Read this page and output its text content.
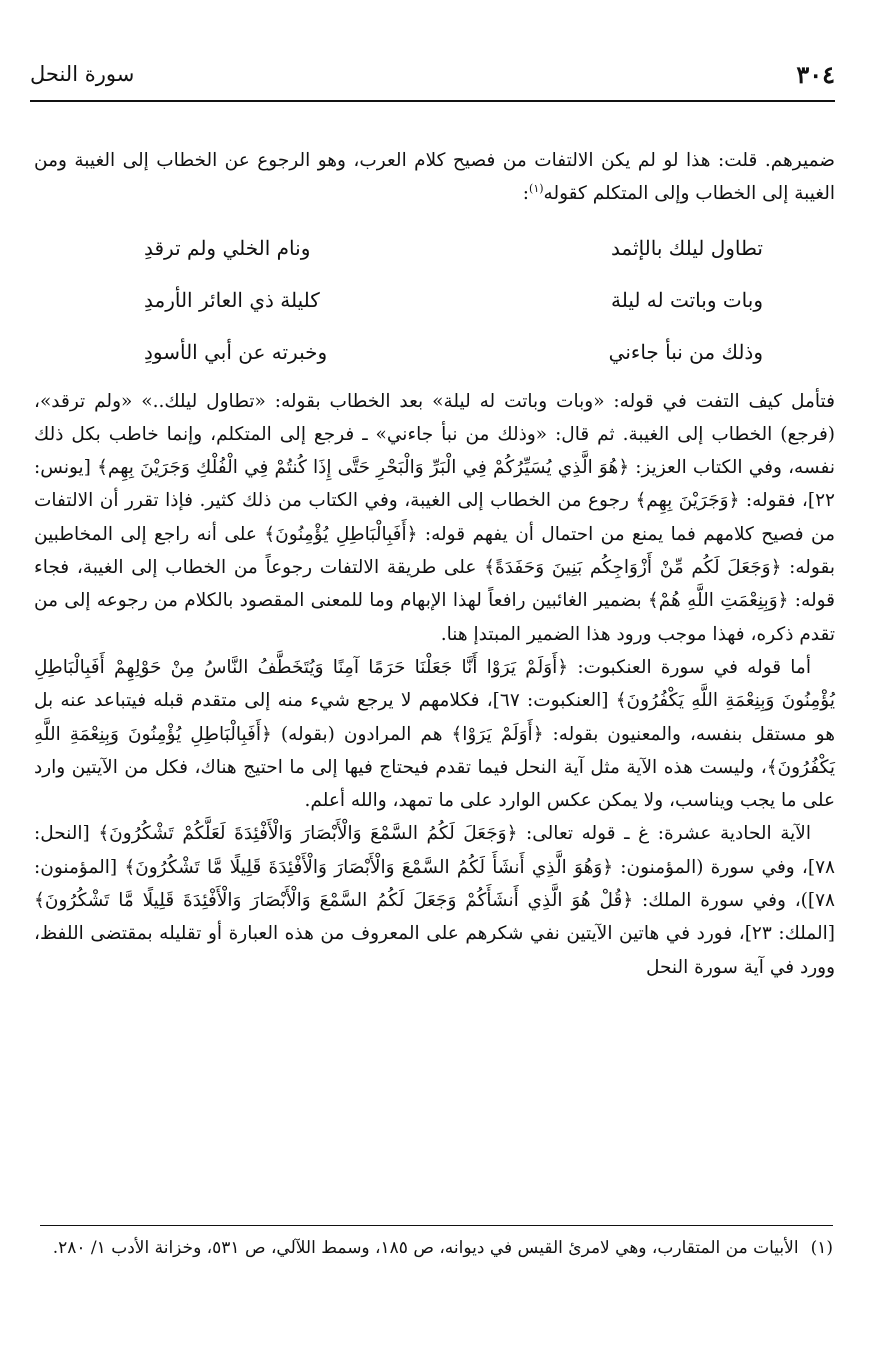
٣٠٤
سورة النحل

ضميرهم. قلت: هذا لو لم يكن الالتفات من فصيح كلام العرب، وهو الرجوع عن الخطاب إلى الغيبة ومن الغيبة إلى الخطاب وإلى المتكلم كقوله$^{(١)}$:

تطاول ليلك بالإثمد
ونام الخلي ولم ترقدِ
وبات وباتت له ليلة
كليلة ذي العائر الأرمدِ
وذلك من نبأ جاءني
وخبرته عن أبي الأسودِ

فتأمل كيف التفت في قوله: «وبات وباتت له ليلة» بعد الخطاب بقوله: «تطاول ليلك..» «ولم ترقد»، (فرجع) الخطاب إلى الغيبة. ثم قال: «وذلك من نبأ جاءني» ـ فرجع إلى المتكلم، وإنما خاطب بكل ذلك نفسه، وفي الكتاب العزيز: ﴿هُوَ الَّذِي يُسَيِّرُكُمْ فِي الْبَرِّ وَالْبَحْرِ حَتَّى إِذَا كُنتُمْ فِي الْفُلْكِ وَجَرَيْنَ بِهِم﴾ [يونس: ٢٢]، فقوله: ﴿وَجَرَيْنَ بِهِم﴾ رجوع من الخطاب إلى الغيبة، وفي الكتاب من ذلك كثير. فإذا تقرر أن الالتفات من فصيح كلامهم فما يمنع من احتمال أن يفهم قوله: ﴿أَفَبِالْبَاطِلِ يُؤْمِنُونَ﴾ على أنه راجع إلى المخاطبين بقوله: ﴿وَجَعَلَ لَكُم مِّنْ أَزْوَاجِكُم بَنِينَ وَحَفَدَةً﴾ على طريقة الالتفات رجوعاً من الخطاب إلى الغيبة، فجاء قوله: ﴿وَبِنِعْمَتِ اللَّهِ هُمْ﴾ بضمير الغائبين رافعاً لهذا الإبهام وما للمعنى المقصود بالكلام من رجوعه إلى من تقدم ذكره، فهذا موجب ورود هذا الضمير المبتدإ هنا.

أما قوله في سورة العنكبوت: ﴿أَوَلَمْ يَرَوْا أَنَّا جَعَلْنَا حَرَمًا آمِنًا وَيُتَخَطَّفُ النَّاسُ مِنْ حَوْلِهِمْ أَفَبِالْبَاطِلِ يُؤْمِنُونَ وَبِنِعْمَةِ اللَّهِ يَكْفُرُونَ﴾ [العنكبوت: ٦٧]، فكلامهم لا يرجع شيء منه إلى متقدم قبله فيتباعد عنه بل هو مستقل بنفسه، والمعنيون بقوله: ﴿أَوَلَمْ يَرَوْا﴾ هم المرادون (بقوله) ﴿أَفَبِالْبَاطِلِ يُؤْمِنُونَ وَبِنِعْمَةِ اللَّهِ يَكْفُرُونَ﴾، وليست هذه الآية مثل آية النحل فيما تقدم فيحتاج فيها إلى ما احتيج هناك، فكل من الآيتين وارد على ما يجب ويناسب، ولا يمكن عكس الوارد على ما تمهد، والله أعلم.

الآية الحادية عشرة: غ ـ قوله تعالى: ﴿وَجَعَلَ لَكُمُ السَّمْعَ وَالْأَبْصَارَ وَالْأَفْئِدَةَ لَعَلَّكُمْ تَشْكُرُونَ﴾ [النحل: ٧٨]، وفي سورة (المؤمنون: ﴿وَهُوَ الَّذِي أَنشَأَ لَكُمُ السَّمْعَ وَالْأَبْصَارَ وَالْأَفْئِدَةَ قَلِيلًا مَّا تَشْكُرُونَ﴾ [المؤمنون: ٧٨])، وفي سورة الملك: ﴿قُلْ هُوَ الَّذِي أَنشَأَكُمْ وَجَعَلَ لَكُمُ السَّمْعَ وَالْأَبْصَارَ وَالْأَفْئِدَةَ قَلِيلًا مَّا تَشْكُرُونَ﴾ [الملك: ٢٣]، فورد في هاتين الآيتين نفي شكرهم على المعروف من هذه العبارة أو تقليله بمقتضى اللفظ، وورد في آية سورة النحل

(١)الأبيات من المتقارب، وهي لامرئ القيس في ديوانه، ص ١٨٥، وسمط اللآلي، ص ٥٣١، وخزانة الأدب ١/ ٢٨٠.
